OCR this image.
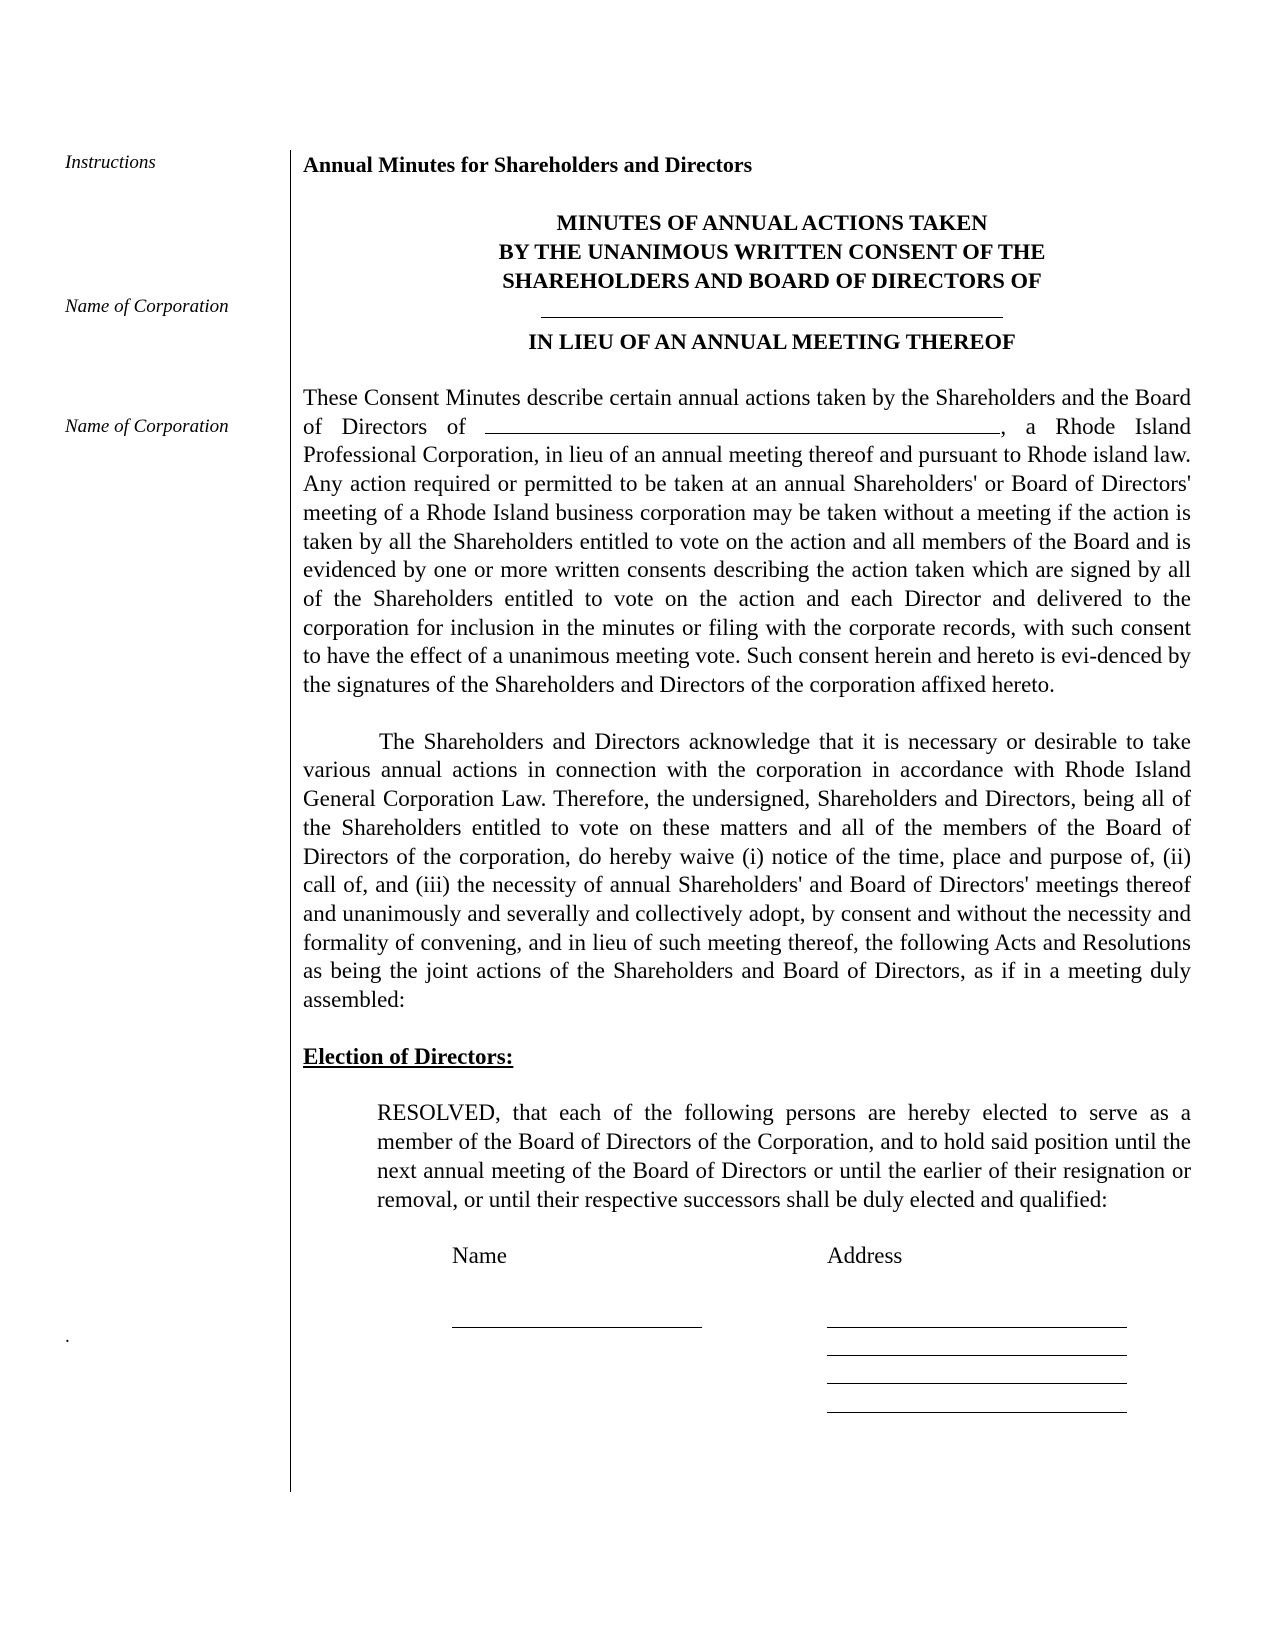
Instructions
Name of Corporation
Name of Corporation
.
Annual Minutes for Shareholders and Directors
MINUTES OF ANNUAL ACTIONS TAKEN
BY THE UNANIMOUS WRITTEN CONSENT OF THE
SHAREHOLDERS AND BOARD OF DIRECTORS OF
IN LIEU OF AN ANNUAL MEETING THEREOF
These Consent Minutes describe certain annual actions taken by the Shareholders and the Board of Directors of	, a Rhode Island Professional Corporation, in lieu of an annual meeting thereof and pursuant to Rhode island law. Any action required or permitted to be taken at an annual Shareholders' or Board of Directors' meeting of a Rhode Island business corporation may be taken without a meeting if the action is taken by all the Shareholders entitled to vote on the action and all members of the Board and is evidenced by one or more written consents describing the action taken which are signed by all of the Shareholders entitled to vote on the action and each Director and delivered to the corporation for inclusion in the minutes or filing with the corporate records, with such consent to have the effect of a unanimous meeting vote. Such consent herein and hereto is evi-denced by the signatures of the Shareholders and Directors of the corporation affixed hereto.
The Shareholders and Directors acknowledge that it is necessary or desirable to take various annual actions in connection with the corporation in accordance with Rhode Island General Corporation Law. Therefore, the undersigned, Shareholders and Directors, being all of the Shareholders entitled to vote on these matters and all of the members of the Board of Directors of the corporation, do hereby waive (i) notice of the time, place and purpose of, (ii) call of, and (iii) the necessity of annual Shareholders' and Board of Directors' meetings thereof and unanimously and severally and collectively adopt, by consent and without the necessity and formality of convening, and in lieu of such meeting thereof, the following Acts and Resolutions as being the joint actions of the Shareholders and Board of Directors, as if in a meeting duly assembled:
Election of Directors:
RESOLVED, that each of the following persons are hereby elected to serve as a member of the Board of Directors of the Corporation, and to hold said position until the next annual meeting of the Board of Directors or until the earlier of their resignation or removal, or until their respective successors shall be duly elected and qualified:
Name	Address
